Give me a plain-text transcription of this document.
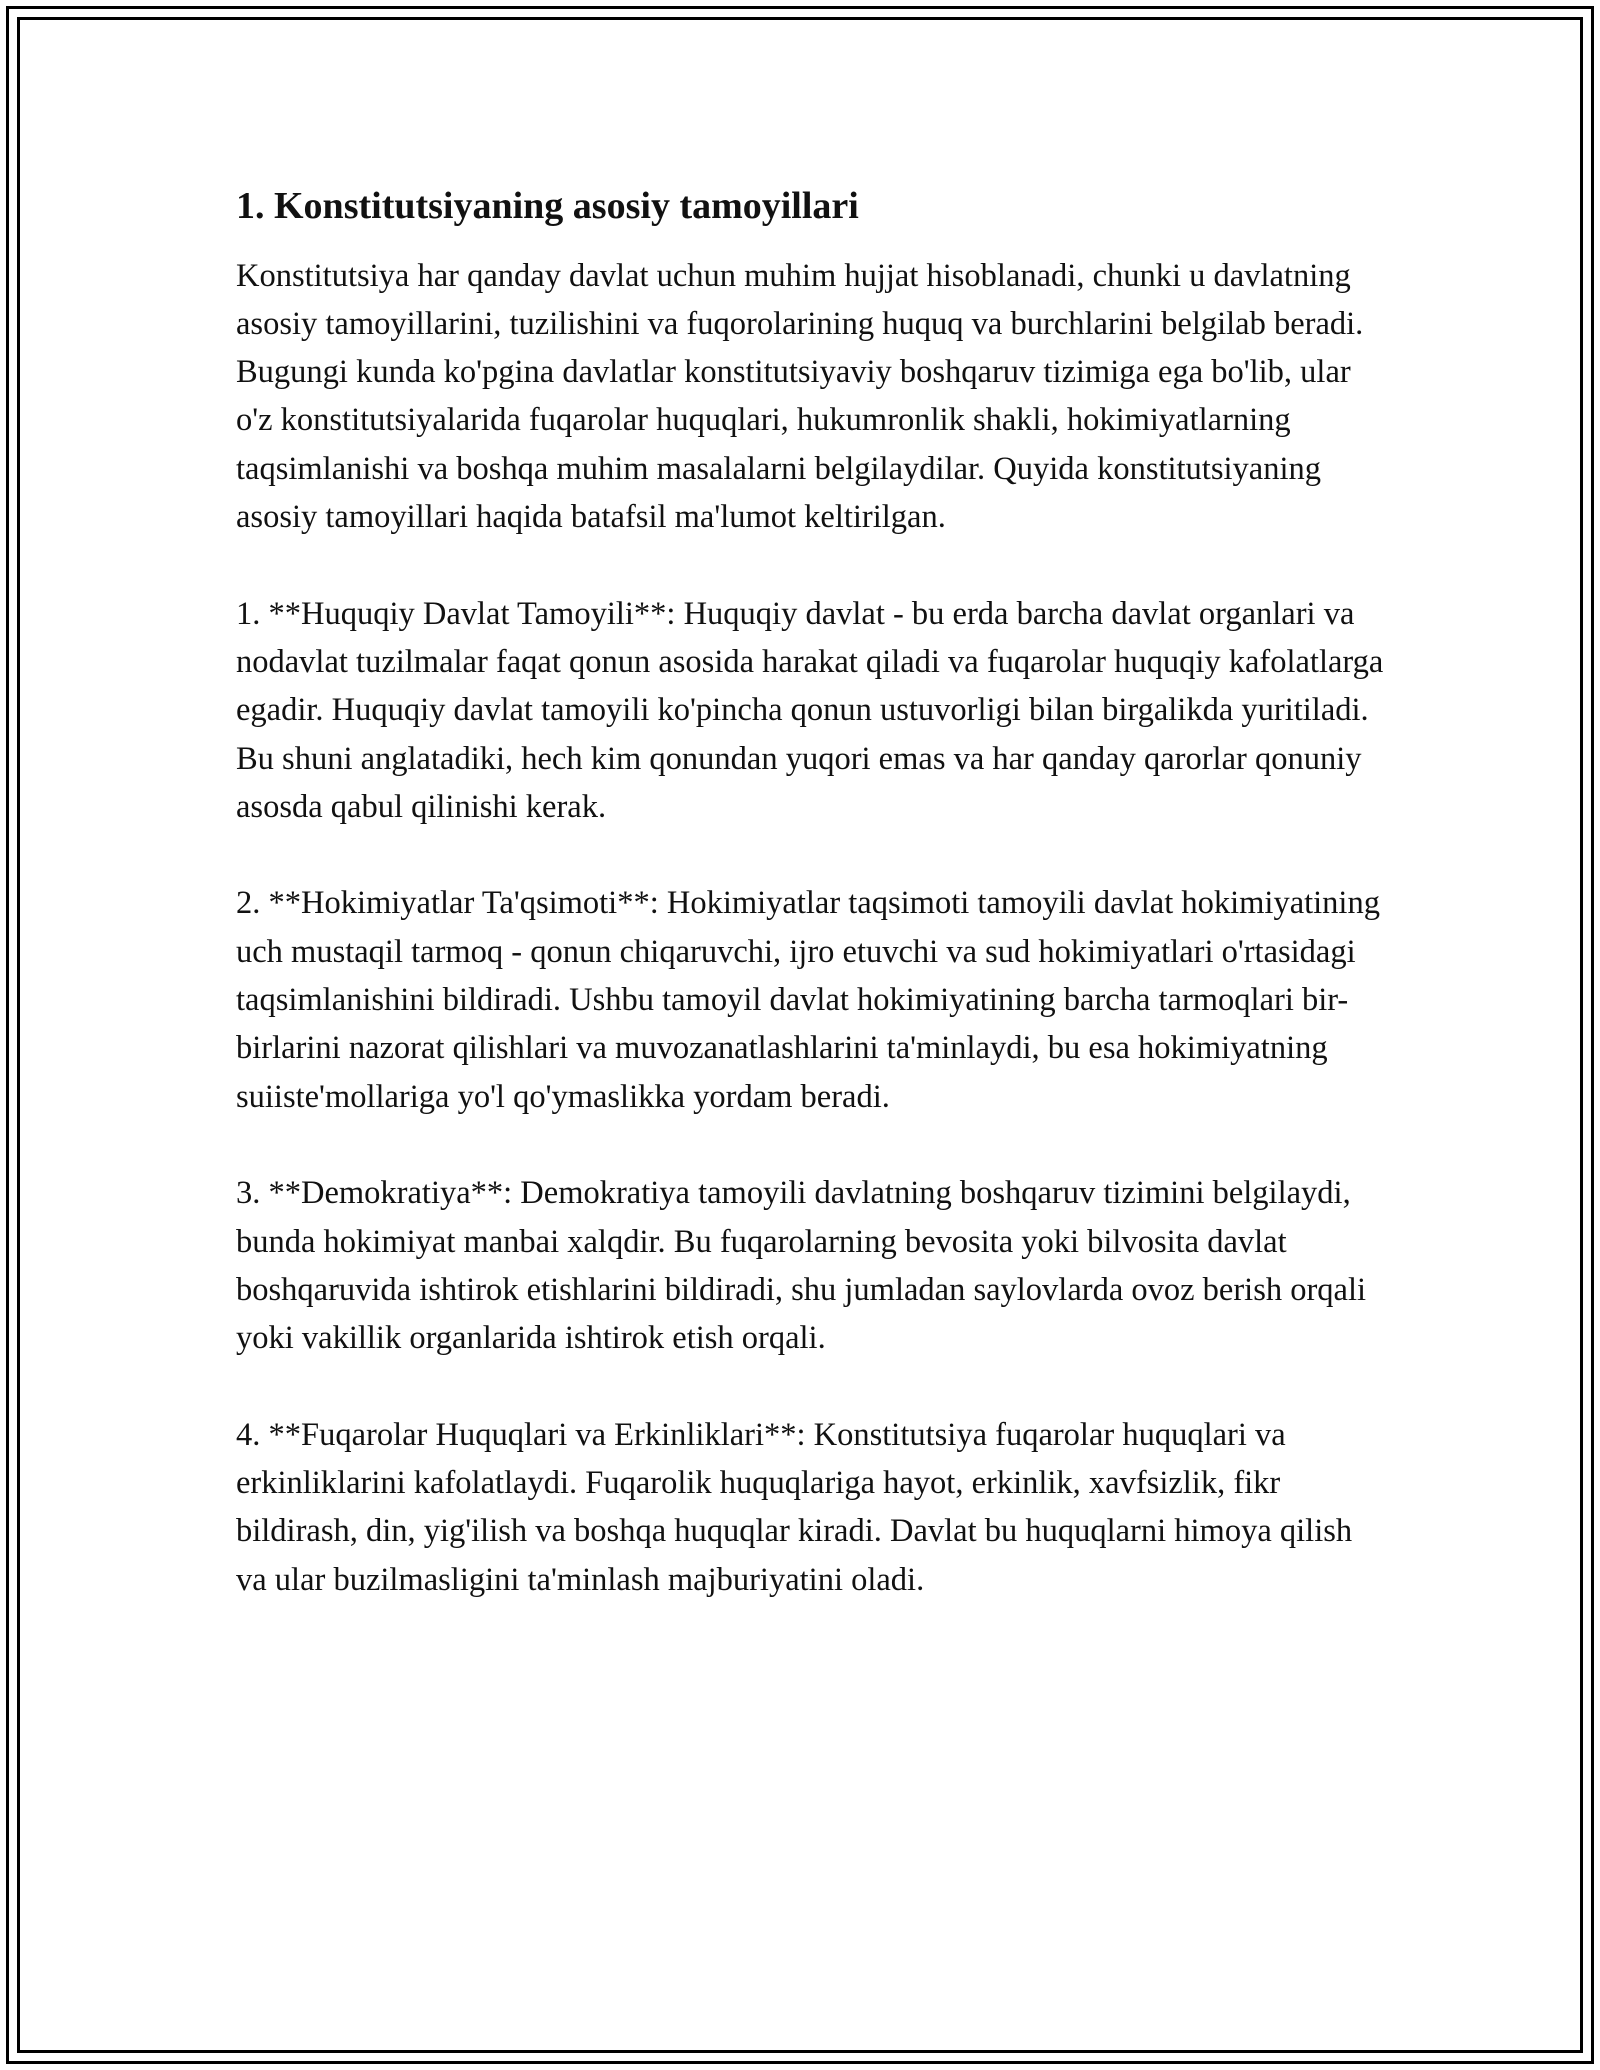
1. Konstitutsiyaning asosiy tamoyillari

Konstitutsiya har qanday davlat uchun muhim hujjat hisoblanadi, chunki u davlatning asosiy tamoyillarini, tuzilishini va fuqorolarining huquq va burchlarini belgilab beradi. Bugungi kunda ko'pgina davlatlar konstitutsiyaviy boshqaruv tizimiga ega bo'lib, ular o'z konstitutsiyalarida fuqarolar huquqlari, hukumronlik shakli, hokimiyatlarning taqsimlanishi va boshqa muhim masalalarni belgilaydilar. Quyida konstitutsiyaning asosiy tamoyillari haqida batafsil ma'lumot keltirilgan.

1. **Huquqiy Davlat Tamoyili**: Huquqiy davlat - bu erda barcha davlat organlari va nodavlat tuzilmalar faqat qonun asosida harakat qiladi va fuqarolar huquqiy kafolatlarga egadir. Huquqiy davlat tamoyili ko'pincha qonun ustuvorligi bilan birgalikda yuritiladi. Bu shuni anglatadiki, hech kim qonundan yuqori emas va har qanday qarorlar qonuniy asosda qabul qilinishi kerak.

2. **Hokimiyatlar Ta'qsimoti**: Hokimiyatlar taqsimoti tamoyili davlat hokimiyatining uch mustaqil tarmoq - qonun chiqaruvchi, ijro etuvchi va sud hokimiyatlari o'rtasidagi taqsimlanishini bildiradi. Ushbu tamoyil davlat hokimiyatining barcha tarmoqlari bir-birlarini nazorat qilishlari va muvozanatlashlarini ta'minlaydi, bu esa hokimiyatning suiiste'mollariga yo'l qo'ymaslikka yordam beradi.

3. **Demokratiya**: Demokratiya tamoyili davlatning boshqaruv tizimini belgilaydi, bunda hokimiyat manbai xalqdir. Bu fuqarolarning bevosita yoki bilvosita davlat boshqaruvida ishtirok etishlarini bildiradi, shu jumladan saylovlarda ovoz berish orqali yoki vakillik organlarida ishtirok etish orqali.

4. **Fuqarolar Huquqlari va Erkinliklari**: Konstitutsiya fuqarolar huquqlari va erkinliklarini kafolatlaydi. Fuqarolik huquqlariga hayot, erkinlik, xavfsizlik, fikr bildirash, din, yig'ilish va boshqa huquqlar kiradi. Davlat bu huquqlarni himoya qilish va ular buzilmasligini ta'minlash majburiyatini oladi.
